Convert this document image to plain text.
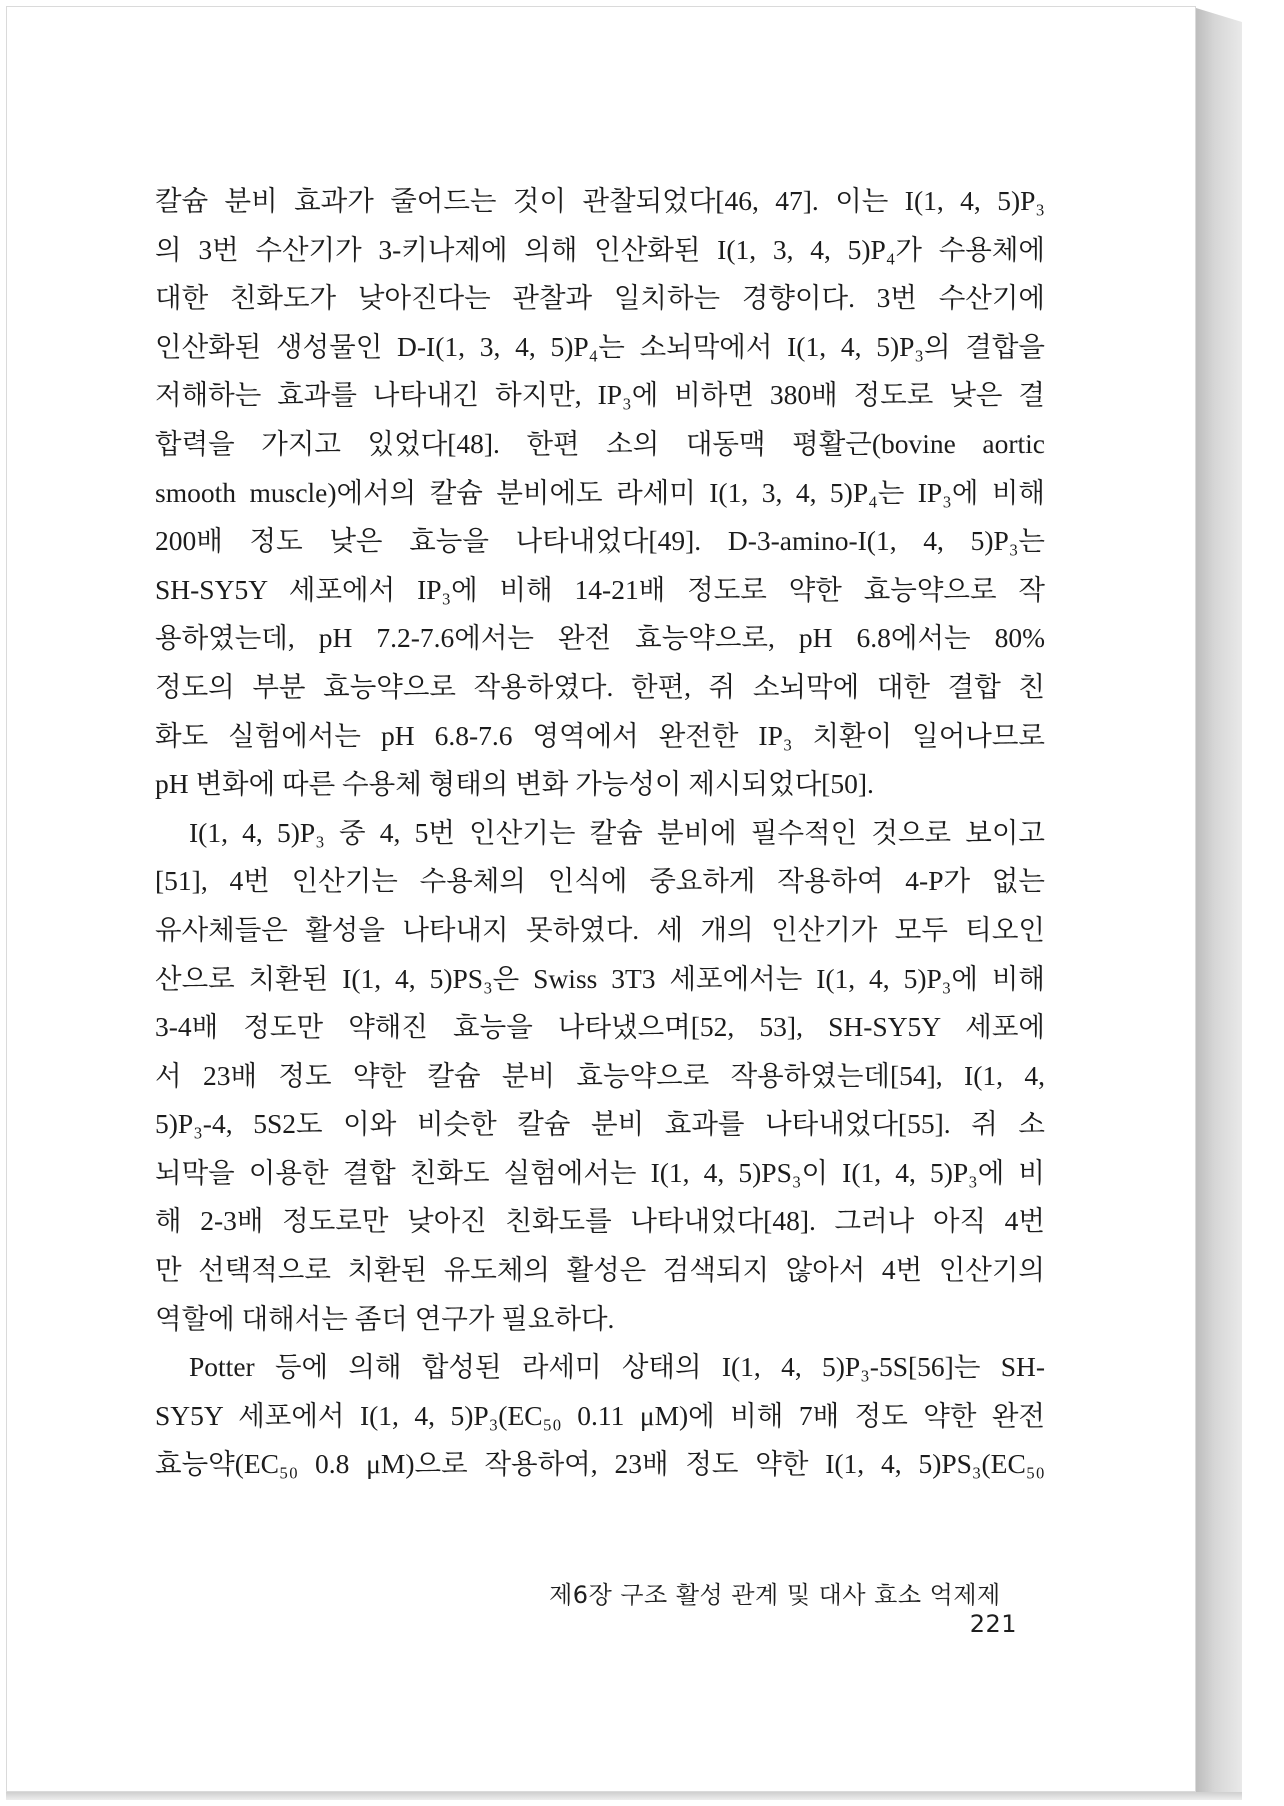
칼슘 분비 효과가 줄어드는 것이 관찰되었다[46, 47]. 이는 I(1, 4, 5)P₃
의 3번 수산기가 3-키나제에 의해 인산화된 I(1, 3, 4, 5)P₄가 수용체에
대한 친화도가 낮아진다는 관찰과 일치하는 경향이다. 3번 수산기에
인산화된 생성물인 D-I(1, 3, 4, 5)P₄는 소뇌막에서 I(1, 4, 5)P₃의 결합을
저해하는 효과를 나타내긴 하지만, IP₃에 비하면 380배 정도로 낮은 결
합력을 가지고 있었다[48]. 한편 소의 대동맥 평활근(bovine aortic
smooth muscle)에서의 칼슘 분비에도 라세미 I(1, 3, 4, 5)P₄는 IP₃에 비해
200배 정도 낮은 효능을 나타내었다[49]. D-3-amino-I(1, 4, 5)P₃는
SH-SY5Y 세포에서 IP₃에 비해 14-21배 정도로 약한 효능약으로 작
용하였는데, pH 7.2-7.6에서는 완전 효능약으로, pH 6.8에서는 80%
정도의 부분 효능약으로 작용하였다. 한편, 쥐 소뇌막에 대한 결합 친
화도 실험에서는 pH 6.8-7.6 영역에서 완전한 IP₃ 치환이 일어나므로
pH 변화에 따른 수용체 형태의 변화 가능성이 제시되었다[50].

I(1, 4, 5)P₃ 중 4, 5번 인산기는 칼슘 분비에 필수적인 것으로 보이고
[51], 4번 인산기는 수용체의 인식에 중요하게 작용하여 4-P가 없는
유사체들은 활성을 나타내지 못하였다. 세 개의 인산기가 모두 티오인
산으로 치환된 I(1, 4, 5)PS₃은 Swiss 3T3 세포에서는 I(1, 4, 5)P₃에 비해
3-4배 정도만 약해진 효능을 나타냈으며[52, 53], SH-SY5Y 세포에
서 23배 정도 약한 칼슘 분비 효능약으로 작용하였는데[54], I(1, 4,
5)P₃-4, 5S2도 이와 비슷한 칼슘 분비 효과를 나타내었다[55]. 쥐 소
뇌막을 이용한 결합 친화도 실험에서는 I(1, 4, 5)PS₃이 I(1, 4, 5)P₃에 비
해 2-3배 정도로만 낮아진 친화도를 나타내었다[48]. 그러나 아직 4번
만 선택적으로 치환된 유도체의 활성은 검색되지 않아서 4번 인산기의
역할에 대해서는 좀더 연구가 필요하다.

Potter 등에 의해 합성된 라세미 상태의 I(1, 4, 5)P₃-5S[56]는 SH-
SY5Y 세포에서 I(1, 4, 5)P₃(EC₅₀ 0.11 μM)에 비해 7배 정도 약한 완전
효능약(EC₅₀ 0.8 μM)으로 작용하여, 23배 정도 약한 I(1, 4, 5)PS₃(EC₅₀

제6장 구조 활성 관계 및 대사 효소 억제제   221
